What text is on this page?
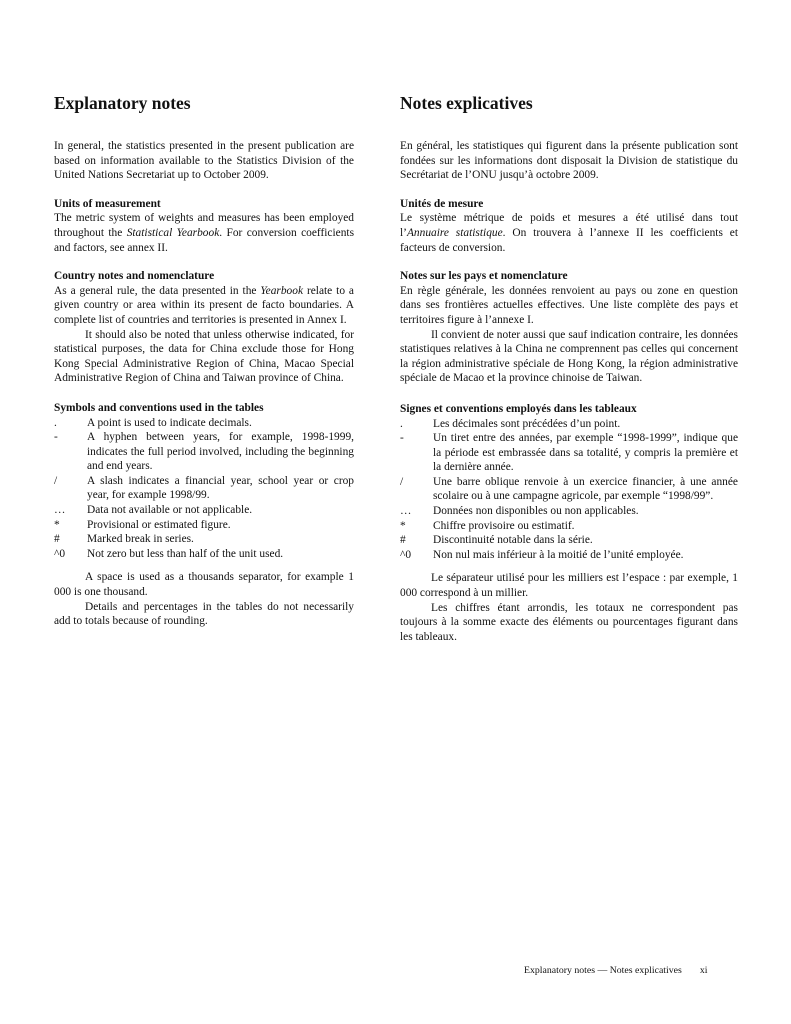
Explanatory notes

In general, the statistics presented in the present publication are based on information available to the Statistics Division of the United Nations Secretariat up to October 2009.

Units of measurement

The metric system of weights and measures has been employed throughout the Statistical Yearbook. For conversion coefficients and factors, see annex II.

Country notes and nomenclature

As a general rule, the data presented in the Yearbook relate to a given country or area within its present de facto boundaries. A complete list of countries and territories is presented in Annex I.

It should also be noted that unless otherwise indicated, for statistical purposes, the data for China exclude those for Hong Kong Special Administrative Region of China, Macao Special Administrative Region of China and Taiwan province of China.

Symbols and conventions used in the tables
.	A point is used to indicate decimals.
-	A hyphen between years, for example, 1998-1999, indicates the full period involved, including the beginning and end years.
/	A slash indicates a financial year, school year or crop year, for example 1998/99.
…	Data not available or not applicable.
*	Provisional or estimated figure.
#	Marked break in series.
^0	Not zero but less than half of the unit used.

A space is used as a thousands separator, for example 1 000 is one thousand.

Details and percentages in the tables do not necessarily add to totals because of rounding.

Notes explicatives

En général, les statistiques qui figurent dans la présente publication sont fondées sur les informations dont disposait la Division de statistique du Secrétariat de l’ONU jusqu’à octobre 2009.

Unités de mesure

Le système métrique de poids et mesures a été utilisé dans tout l’Annuaire statistique. On trouvera à l’annexe II les coefficients et facteurs de conversion.

Notes sur les pays et nomenclature

En règle générale, les données renvoient au pays ou zone en question dans ses frontières actuelles effectives. Une liste complète des pays et territoires figure à l’annexe I.

Il convient de noter aussi que sauf indication contraire, les données statistiques relatives à la China ne comprennent pas celles qui concernent la région administrative spéciale de Hong Kong, la région administrative spéciale de Macao et la province chinoise de Taiwan.

Signes et conventions employés dans les tableaux
.	Les décimales sont précédées d’un point.
-	Un tiret entre des années, par exemple “1998-1999”, indique que la période est embrassée dans sa totalité, y compris la première et la dernière année.
/	Une barre oblique renvoie à un exercice financier, à une année scolaire ou à une campagne agricole, par exemple “1998/99”.
…	Données non disponibles ou non applicables.
*	Chiffre provisoire ou estimatif.
#	Discontinuité notable dans la série.
^0	Non nul mais inférieur à la moitié de l’unité employée.

Le séparateur utilisé pour les milliers est l’espace : par exemple, 1 000 correspond à un millier.

Les chiffres étant arrondis, les totaux ne correspondent pas toujours à la somme exacte des éléments ou pourcentages figurant dans les tableaux.

Explanatory notes — Notes explicatives xi
